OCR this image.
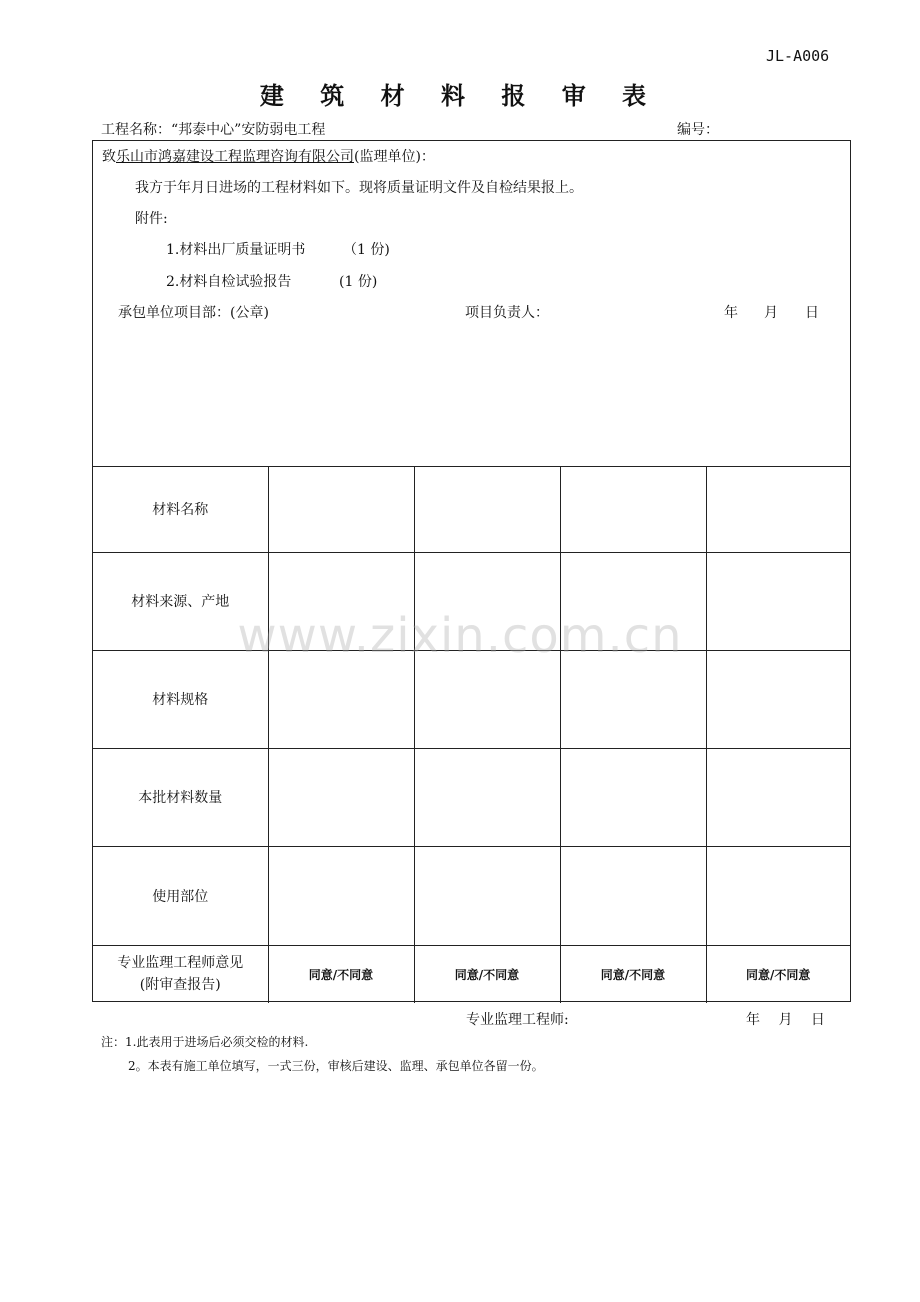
JL-A006
建 筑 材 料 报 审 表
工程名称：“邦泰中心”安防弱电工程	编号：
致乐山市鸿嘉建设工程监理咨询有限公司(监理单位)：
我方于年月日进场的工程材料如下。现将质量证明文件及自检结果报上。
附件:
1.材料出厂质量证明书	（1 份)
2.材料自检试验报告	(1 份)
承包单位项目部：(公章)	项目负责人：	年 月 日
材料名称				
材料来源、产地				
材料规格				
本批材料数量				
使用部位				

专业监理工程师意见
(附审查报告)	同意/不同意	同意/不同意	同意/不同意	同意/不同意
专业监理工程师:	年 月 日
注：1.此表用于进场后必须交检的材料.
2。本表有施工单位填写，一式三份，审核后建设、监理、承包单位各留一份。
www.zixin.com.cn
